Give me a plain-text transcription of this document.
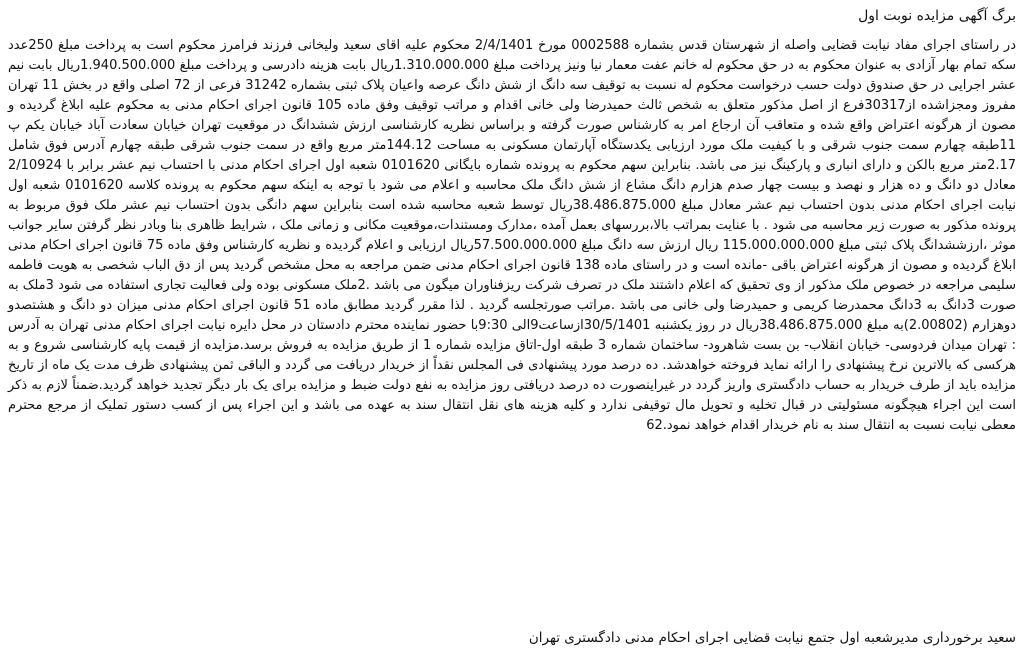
برگ آگهی مزایده نوبت اول

در راستای اجرای مفاد نیابت قضایی واصله از شهرستان قدس بشماره 0002588 مورخ 2/4/1401 محکوم علیه اقای سعید ولیخانی فرزند فرامرز محکوم است به پرداخت مبلغ 250عدد سکه تمام بهار آزادی به عنوان محکوم به در حق محکوم له خانم عفت معمار نیا ونیز پرداخت مبلغ 1.310.000.000ریال بابت هزینه دادرسی و پرداخت مبلغ 1.940.500.000ریال بابت نیم عشر اجرایی در حق صندوق دولت حسب درخواست محکوم له نسبت به توقیف سه دانگ از شش دانگ عرصه واعیان پلاک ثبتی بشماره 31242 فرعی از 72 اصلی واقع در بخش 11 تهران مفروز ومجزاشده از30317فرع از اصل مذکور متعلق به شخص ثالث حمیدرضا ولی خانی اقدام و مراتب توقیف وفق ماده 105 قانون اجرای احکام مدنی به محکوم علیه ابلاغ گردیده و مصون از هرگونه اعتراض واقع شده و متعاقب آن ارجاع امر به کارشناس صورت گرفته و براساس نظریه کارشناسی ارزش ششدانگ در موقعیت تهران خیابان سعادت آباد خیابان یکم پ 11طبقه چهارم سمت جنوب شرقی و با کیفیت ملک مورد ارزیابی یکدستگاه آپارتمان مسکونی به مساحت 144.12متر مربع واقع در سمت جنوب شرقی طبقه چهارم آدرس فوق شامل 2.17متر مربع بالکن و دارای انباری و پارکینگ نیز می باشد. بنابراین سهم محکوم به پرونده شماره بایگانی 0101620 شعبه اول اجرای احکام مدنی با احتساب نیم عشر برابر با 2/10924 معادل دو دانگ و ده هزار و نهصد و بیست چهار صدم هزارم دانگ مشاع از شش دانگ ملک محاسبه و اعلام می شود با توجه به اینکه سهم محکوم به پرونده کلاسه 0101620 شعبه اول نیابت اجرای احکام مدنی بدون احتساب نیم عشر معادل مبلغ 38.486.875.000ریال توسط شعبه محاسبه شده است بنابراین سهم دانگی بدون احتساب نیم عشر ملک فوق مربوط به پرونده مذکور به صورت زیر محاسبه می شود . با عنایت بمراتب بالا،بررسهای بعمل آمده ،مدارک ومستندات،موقعیت مکانی و زمانی ملک ، شرایط ظاهری بنا وبادر نظر گرفتن سایر جوانب موثر ،ارزششدانگ پلاک ثبتی مبلغ 115.000.000.000 ریال ارزش سه دانگ مبلغ 57.500.000.000ریال ارزیابی و اعلام گردیده و نظریه کارشناس وفق ماده 75 قانون اجرای احکام مدنی ابلاغ گردیده و مصون از هرگونه اعتراض باقی -مانده است و در راستای ماده 138 قانون اجرای احکام مدنی ضمن مراجعه به محل مشخص گردید پس از دق الباب شخصی به هویت فاطمه سلیمی مراجعه در خصوص ملک مذکور از وی تحقیق که اعلام داشتند ملک در تصرف شرکت ریزفناوران میگون می باشد .2ملک مسکونی بوده ولی فعالیت تجاری استفاده می شود 3ملک به صورت 3دانگ به 3دانگ محمدرضا کریمی و حمیدرضا ولی خانی می باشد .مراتب صورتجلسه گردید . لذا مقرر گردید مطابق ماده 51 قانون اجرای احکام مدنی میزان دو دانگ و هشتصدو دوهزارم (2.00802)به مبلغ 38.486.875.000ریال در روز یکشنبه 30/5/1401ازساعت9الی 9:30با حضور نماینده محترم دادستان در محل دایره نیابت اجرای احکام مدنی تهران به آدرس : تهران میدان فردوسی- خیابان انقلاب- بن بست شاهرود- ساختمان شماره 3 طبقه اول-اتاق مزایده شماره 1 از طریق مزایده به فروش برسد.مزایده از قیمت پایه کارشناسی شروع و به هرکسی که بالاترین نرخ پیشنهادی را ارائه نماید فروخته خواهدشد. ده درصد مورد پیشنهادی فی المجلس نقداً از خریدار دریافت می گردد و الباقی ثمن پیشنهادی ظرف مدت یک ماه از تاریخ مزایده باید از طرف خریدار به حساب دادگستری واریز گردد در غیراینصورت ده درصد دریافتی روز مزایده به نفع دولت ضبط و مزایده برای یک بار دیگر تجدید خواهد گردید.ضمناً لازم به ذکر است این اجراء هیچگونه مسئولیتی در قبال تخلیه و تحویل مال توقیفی ندارد و کلیه هزینه های نقل انتقال سند به عهده می باشد و این اجراء پس از کسب دستور تملیک از مرجع محترم معطی نیابت نسبت به انتقال سند به نام خریدار اقدام خواهد نمود.62

سعید برخورداری مدیرشعبه اول جتمع نیابت قضایی اجرای احکام مدنی دادگستری تهران
